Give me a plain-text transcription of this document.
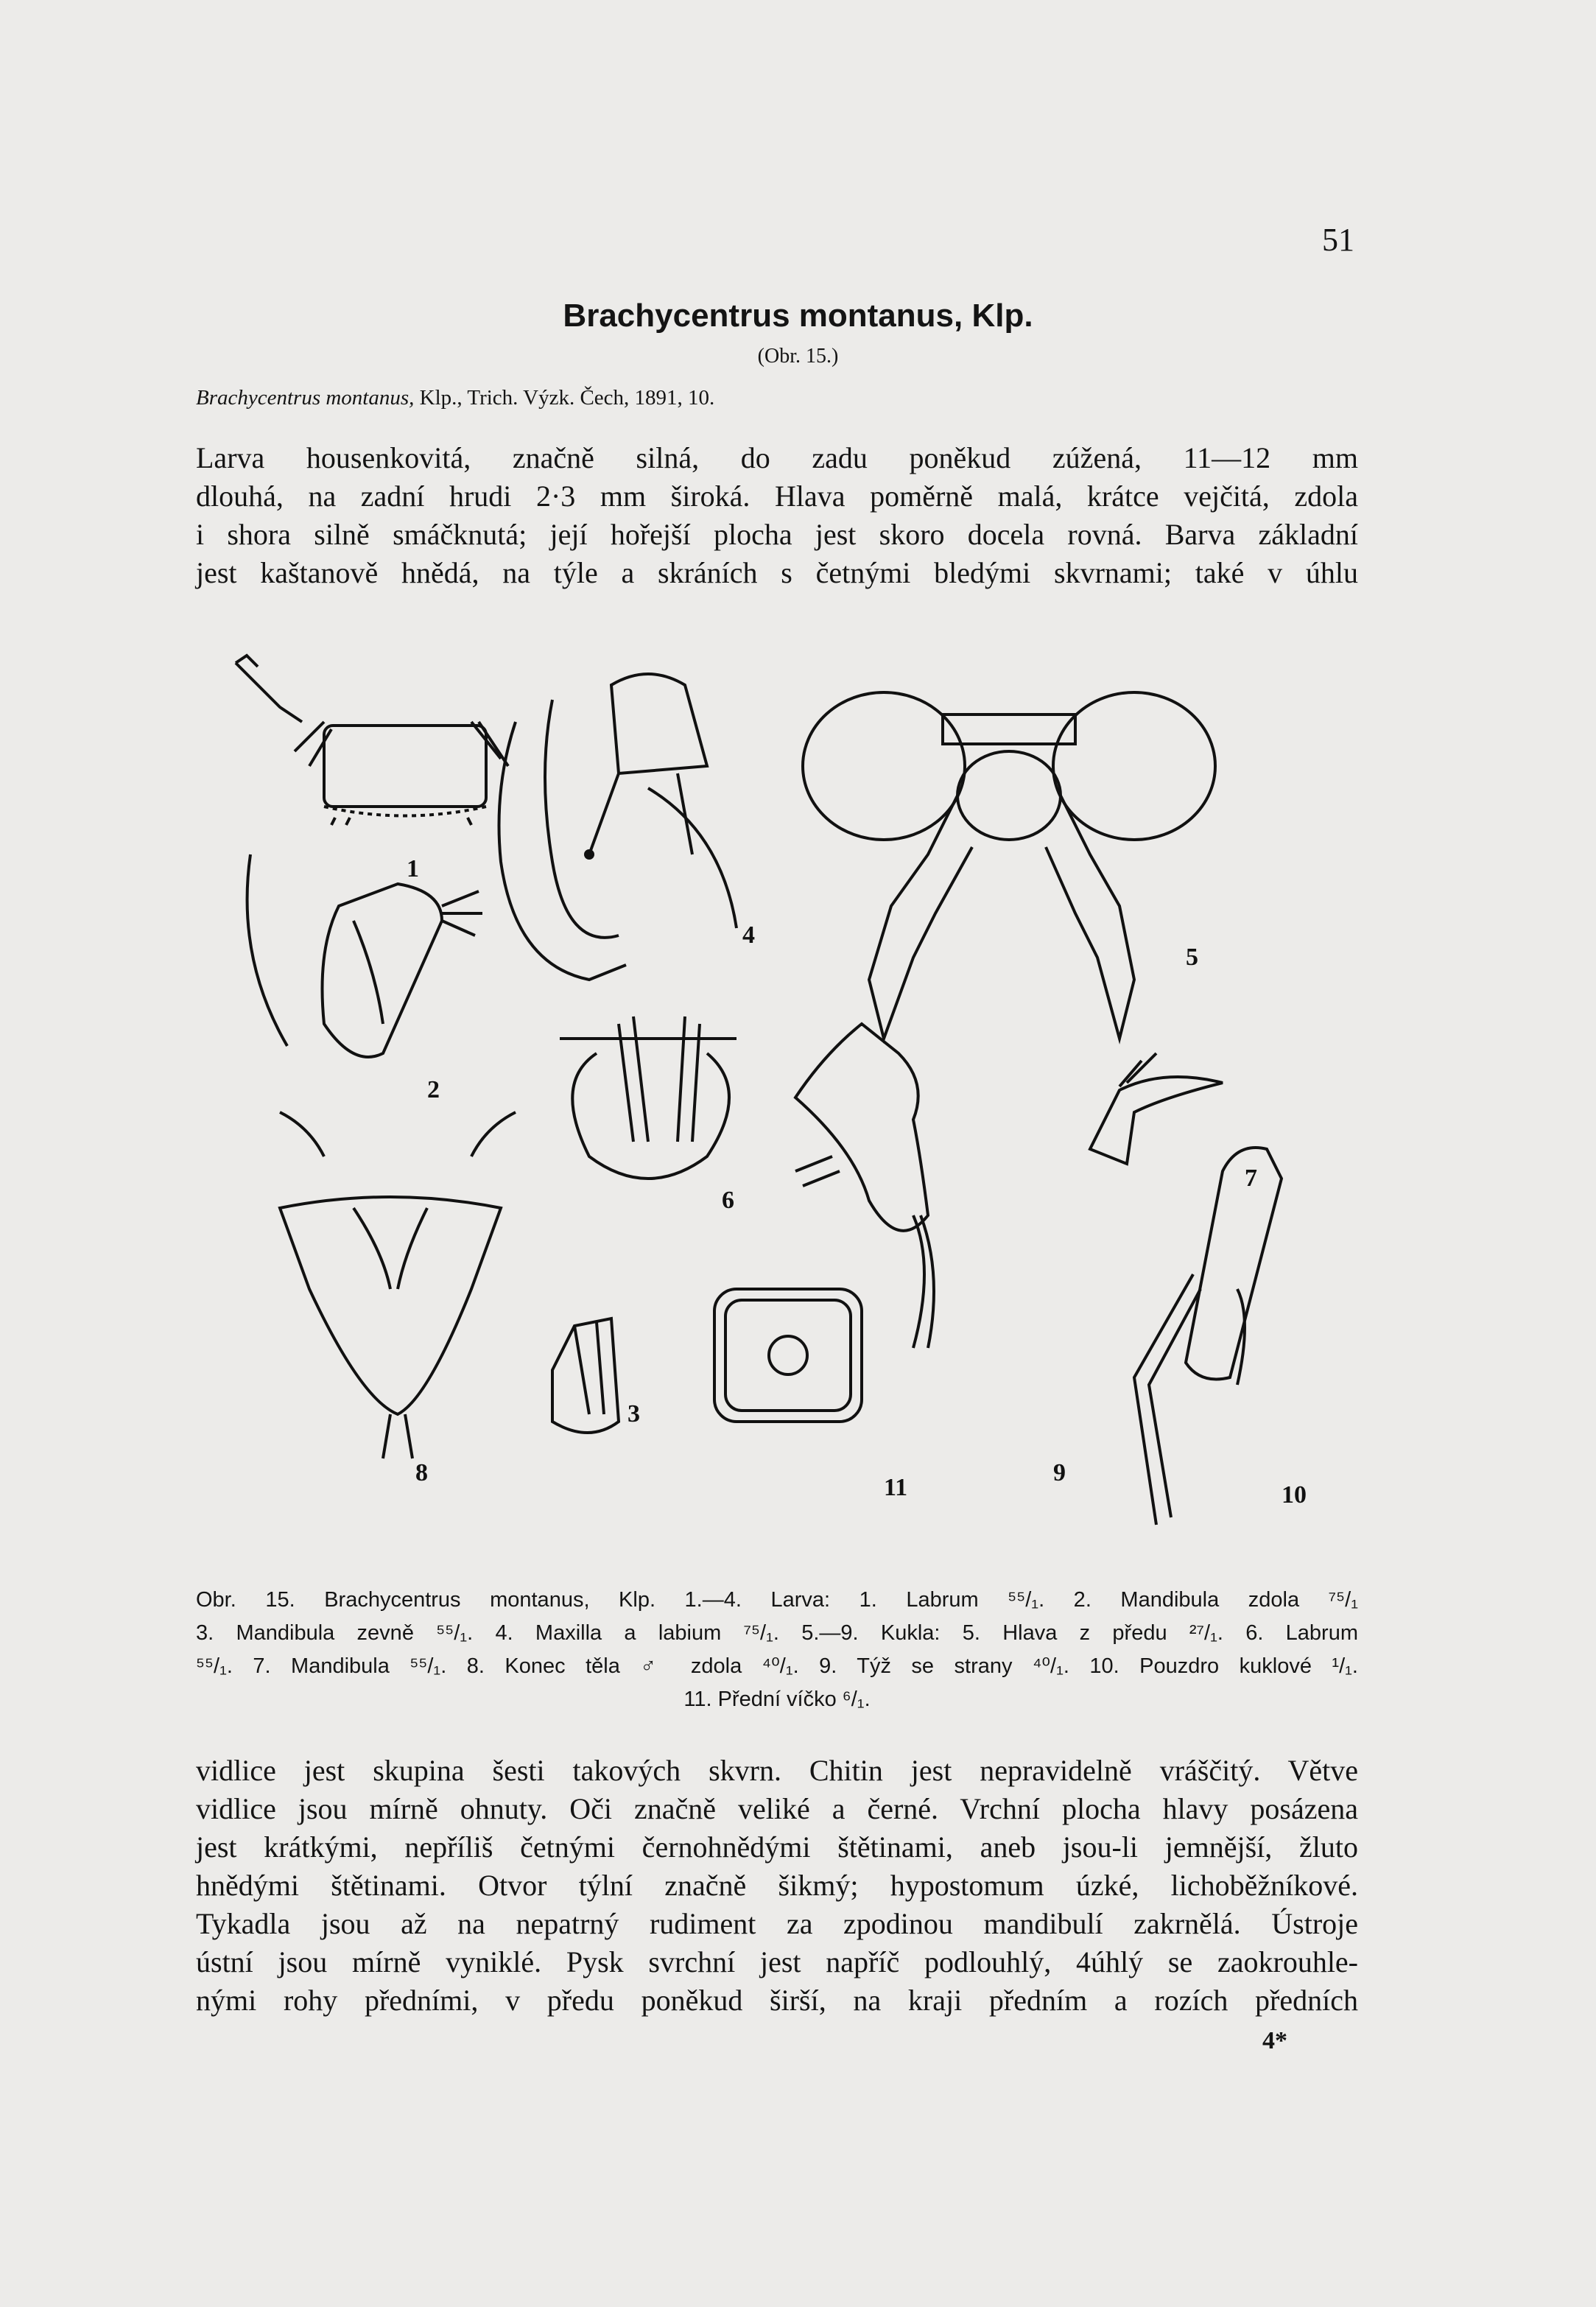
51
Brachycentrus montanus, Klp.
(Obr. 15.)
Brachycentrus montanus, Klp., Trich. Výzk. Čech, 1891, 10.

Larva housenkovitá, značně silná, do zadu poněkud zúžená, 11—12 mm

dlouhá, na zadní hrudi 2·3 mm široká. Hlava poměrně malá, krátce vejčitá, zdola

i shora silně smáčknutá; její hořejší plocha jest skoro docela rovná. Barva základní

jest kaštanově hnědá, na týle a skráních s četnými bledými skvrnami; také v úhlu

1
2
3
4
5
6
7
8	9
10
11
Obr. 15. Brachycentrus montanus, Klp. 1.—4. Larva: 1. Labrum ⁵⁵/₁. 2. Mandibula zdola ⁷⁵/₁
3. Mandibula zevně ⁵⁵/₁. 4. Maxilla a labium ⁷⁵/₁. 5.—9. Kukla: 5. Hlava z předu ²⁷/₁. 6. Labrum
⁵⁵/₁. 7. Mandibula ⁵⁵/₁. 8. Konec těla ♂ zdola ⁴⁰/₁. 9. Týž se strany ⁴⁰/₁. 10. Pouzdro kuklové ¹/₁.
11. Přední víčko ⁶/₁.

vidlice jest skupina šesti takových skvrn. Chitin jest nepravidelně vráščitý. Větve

vidlice jsou mírně ohnuty. Oči značně veliké a černé. Vrchní plocha hlavy posázena

jest krátkými, nepříliš četnými černohnědými štětinami, aneb jsou-li jemnější, žluto

hnědými štětinami. Otvor týlní značně šikmý; hypostomum úzké, lichoběžníkové.

Tykadla jsou až na nepatrný rudiment za zpodinou mandibulí zakrnělá. Ústroje

ústní jsou mírně vyniklé. Pysk svrchní jest napříč podlouhlý, 4úhlý se zaokrouhle-

nými rohy předními, v předu poněkud širší, na kraji předním a rozích předních

4*
